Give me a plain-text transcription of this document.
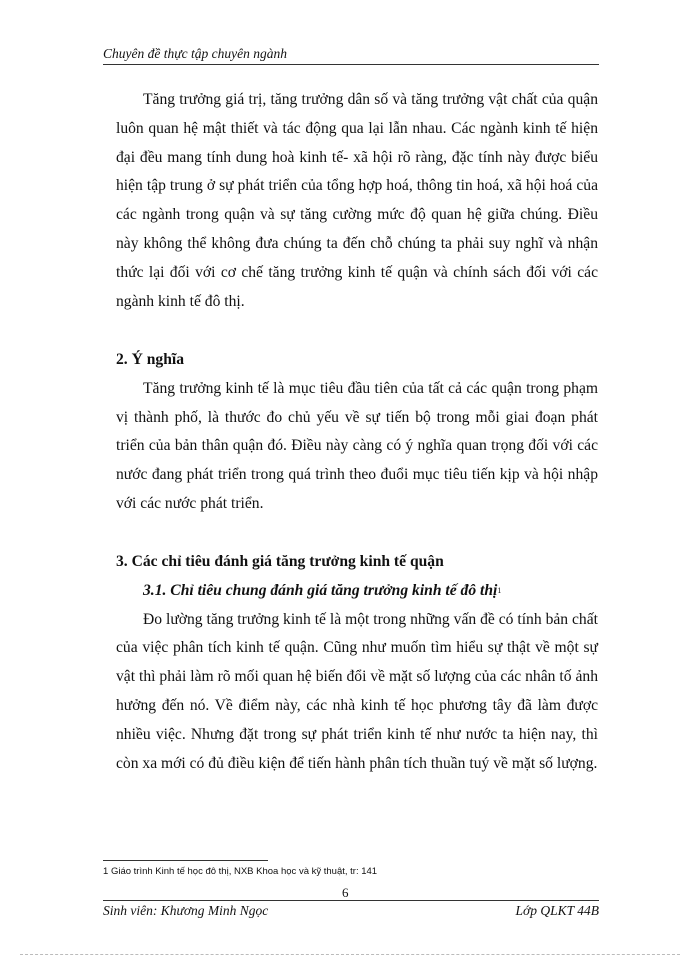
Chuyên đề thực tập chuyên ngành

Tăng trưởng giá trị, tăng trưởng dân số và tăng trưởng vật chất của quận luôn quan hệ mật thiết và tác động qua lại lẫn nhau. Các ngành kinh tế hiện đại đều mang tính dung hoà kinh tế- xã hội rõ ràng, đặc tính này được biểu hiện tập trung ở sự phát triển của tổng hợp hoá, thông tin hoá, xã hội hoá của các ngành trong quận và sự tăng cường mức độ quan hệ giữa chúng. Điều này không thể không đưa chúng ta đến chỗ chúng ta phải suy nghĩ và nhận thức lại đối với cơ chế tăng trưởng kinh tế quận và chính sách đối với các ngành kinh tế đô thị.

2. Ý nghĩa

Tăng trưởng kinh tế là mục tiêu đầu tiên của tất cả các quận trong phạm vị thành phố, là thước đo chủ yếu về sự tiến bộ trong mỗi giai đoạn phát triển của bản thân quận đó. Điều này càng có ý nghĩa quan trọng đối với các nước đang phát triển trong quá trình theo đuổi mục tiêu tiến kịp và hội nhập với các nước phát triển.

3. Các chỉ tiêu đánh giá tăng trưởng kinh tế quận

3.1. Chỉ tiêu chung đánh giá tăng trưởng kinh tế đô thị$^1$

Đo lường tăng trưởng kinh tế là một trong những vấn đề có tính bản chất của việc phân tích kinh tế quận. Cũng như muốn tìm hiểu sự thật về một sự vật thì phải làm rõ mối quan hệ biến đổi về mặt số lượng của các nhân tố ảnh hưởng đến nó. Về điểm này, các nhà kinh tế học phương tây đã làm được nhiều việc. Nhưng đặt trong sự phát triển kinh tế như nước ta hiện nay, thì còn xa mới có đủ điều kiện để tiến hành phân tích thuần tuý về mặt số lượng.

1 Giáo trình Kinh tế học đô thị, NXB Khoa học và kỹ thuật, tr: 141
6
Sinh viên: Khương Minh Ngọc	Lớp QLKT 44B
